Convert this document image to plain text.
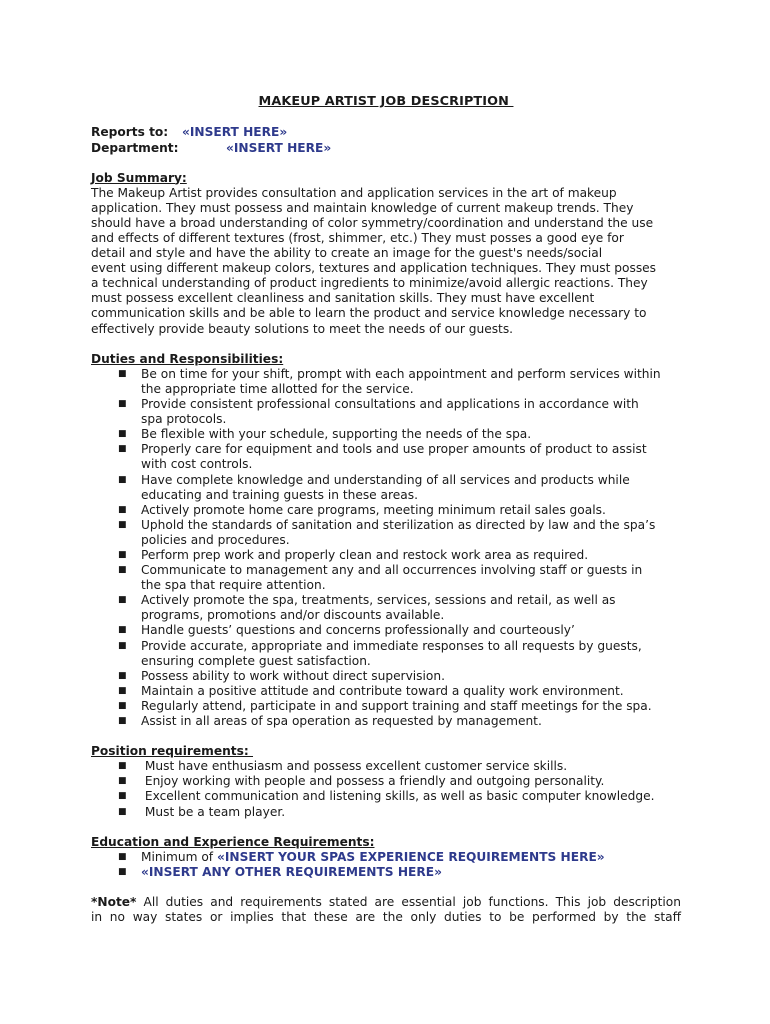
MAKEUP ARTIST JOB DESCRIPTION
Reports to: «INSERT HERE»
Department:	«INSERT HERE»
Job Summary:
The Makeup Artist provides consultation and application services in the art of makeup
application. They must possess and maintain knowledge of current makeup trends. They
should have a broad understanding of color symmetry/coordination and understand the use
and effects of different textures (frost, shimmer, etc.) They must posses a good eye for
detail and style and have the ability to create an image for the guest's needs/social
event using different makeup colors, textures and application techniques. They must posses
a technical understanding of product ingredients to minimize/avoid allergic reactions. They
must possess excellent cleanliness and sanitation skills. They must have excellent
communication skills and be able to learn the product and service knowledge necessary to
effectively provide beauty solutions to meet the needs of our guests.
Duties and Responsibilities:
■ Be on time for your shift, prompt with each appointment and perform services within
the appropriate time allotted for the service.
■ Provide consistent professional consultations and applications in accordance with
spa protocols.
■ Be flexible with your schedule, supporting the needs of the spa.
■ Properly care for equipment and tools and use proper amounts of product to assist
with cost controls.
■ Have complete knowledge and understanding of all services and products while
educating and training guests in these areas.
■ Actively promote home care programs, meeting minimum retail sales goals.
■ Uphold the standards of sanitation and sterilization as directed by law and the spa’s
policies and procedures.
■ Perform prep work and properly clean and restock work area as required.
■ Communicate to management any and all occurrences involving staff or guests in
the spa that require attention.
■ Actively promote the spa, treatments, services, sessions and retail, as well as
programs, promotions and/or discounts available.
■ Handle guests’ questions and concerns professionally and courteously’
■ Provide accurate, appropriate and immediate responses to all requests by guests,
ensuring complete guest satisfaction.
■ Possess ability to work without direct supervision.
■ Maintain a positive attitude and contribute toward a quality work environment.
■ Regularly attend, participate in and support training and staff meetings for the spa.
■ Assist in all areas of spa operation as requested by management.
Position requirements:
■ Must have enthusiasm and possess excellent customer service skills.
■ Enjoy working with people and possess a friendly and outgoing personality.
■ Excellent communication and listening skills, as well as basic computer knowledge.
■ Must be a team player.
Education and Experience Requirements:
■ Minimum of «INSERT YOUR SPAS EXPERIENCE REQUIREMENTS HERE»
■ «INSERT ANY OTHER REQUIREMENTS HERE»
*Note* All duties and requirements stated are essential job functions. This job description
in no way states or implies that these are the only duties to be performed by the staff
